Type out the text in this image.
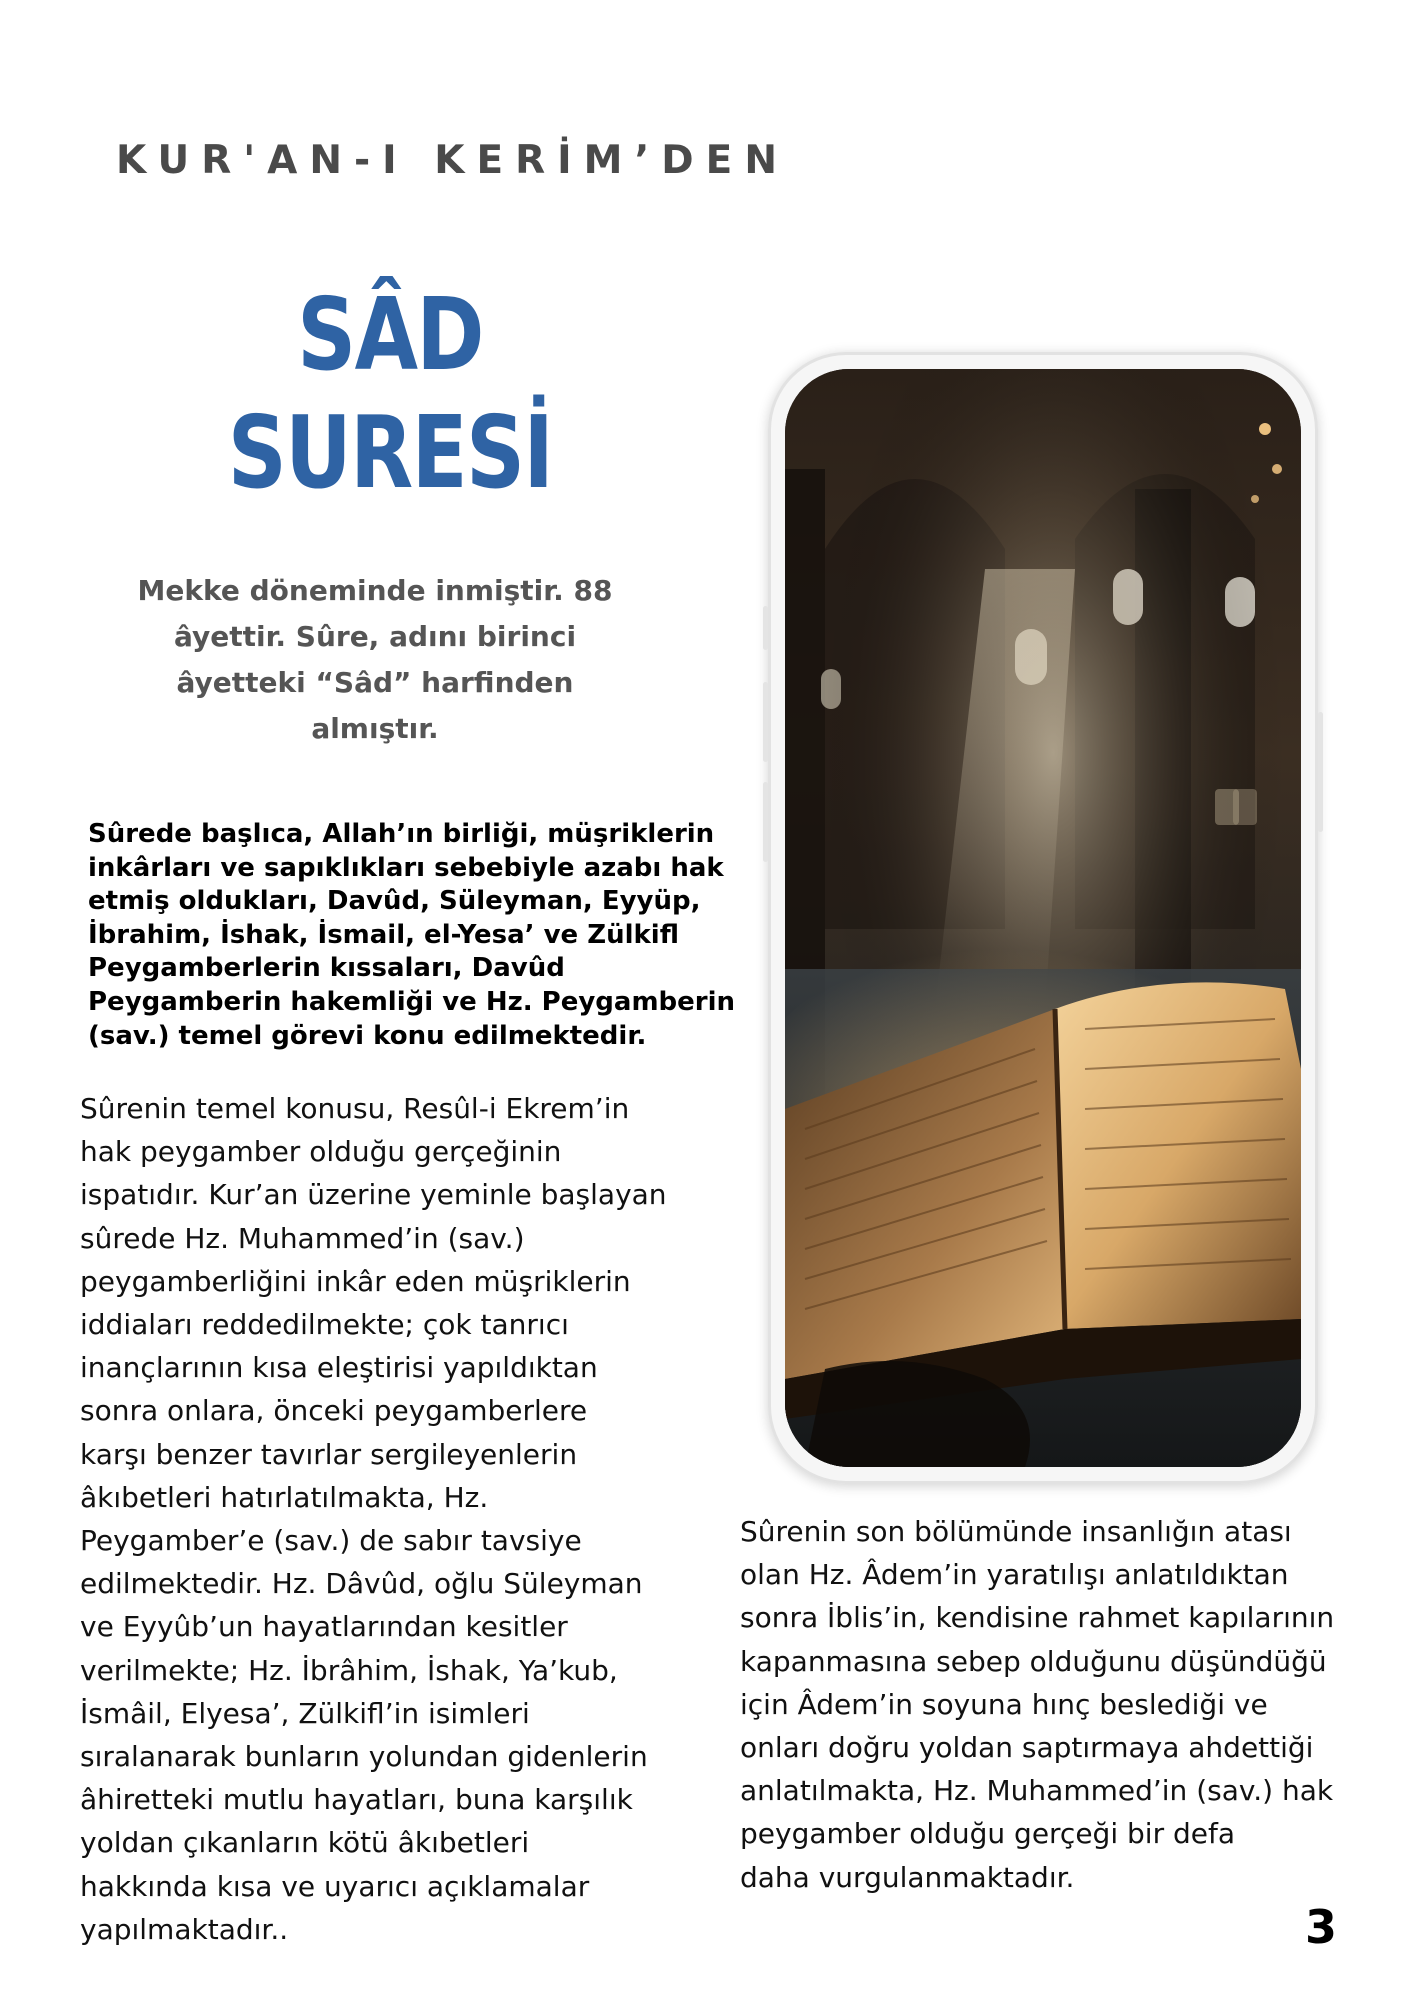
KUR'AN-I KERİM’DEN
SÂD
SURESİ
Mekke döneminde inmiştir. 88
âyettir. Sûre, adını birinci
âyetteki “Sâd” harfinden
almıştır.
Sûrede başlıca, Allah’ın birliği, müşriklerin
inkârları ve sapıklıkları sebebiyle azabı hak
etmiş oldukları, Davûd, Süleyman, Eyyüp,
İbrahim, İshak, İsmail, el-Yesa’ ve Zülkifl
Peygamberlerin kıssaları, Davûd
Peygamberin hakemliği ve Hz. Peygamberin
(sav.) temel görevi konu edilmektedir.
Sûrenin temel konusu, Resûl-i Ekrem’in
hak peygamber olduğu gerçeğinin
ispatıdır. Kur’an üzerine yeminle başlayan
sûrede Hz. Muhammed’in (sav.)
peygamberliğini inkâr eden müşriklerin
iddiaları reddedilmekte; çok tanrıcı
inançlarının kısa eleştirisi yapıldıktan
sonra onlara, önceki peygamberlere
karşı benzer tavırlar sergileyenlerin
âkıbetleri hatırlatılmakta, Hz.
Peygamber’e (sav.) de sabır tavsiye
edilmektedir. Hz. Dâvûd, oğlu Süleyman
ve Eyyûb’un hayatlarından kesitler
verilmekte; Hz. İbrâhim, İshak, Ya’kub,
İsmâil, Elyesa’, Zülkifl’in isimleri
sıralanarak bunların yolundan gidenlerin
âhiretteki mutlu hayatları, buna karşılık
yoldan çıkanların kötü âkıbetleri
hakkında kısa ve uyarıcı açıklamalar
yapılmaktadır..
Sûrenin son bölümünde insanlığın atası
olan Hz. Âdem’in yaratılışı anlatıldıktan
sonra İblis’in, kendisine rahmet kapılarının
kapanmasına sebep olduğunu düşündüğü
için Âdem’in soyuna hınç beslediği ve
onları doğru yoldan saptırmaya ahdettiği
anlatılmakta, Hz. Muhammed’in (sav.) hak
peygamber olduğu gerçeği bir defa
daha vurgulanmaktadır.
3
